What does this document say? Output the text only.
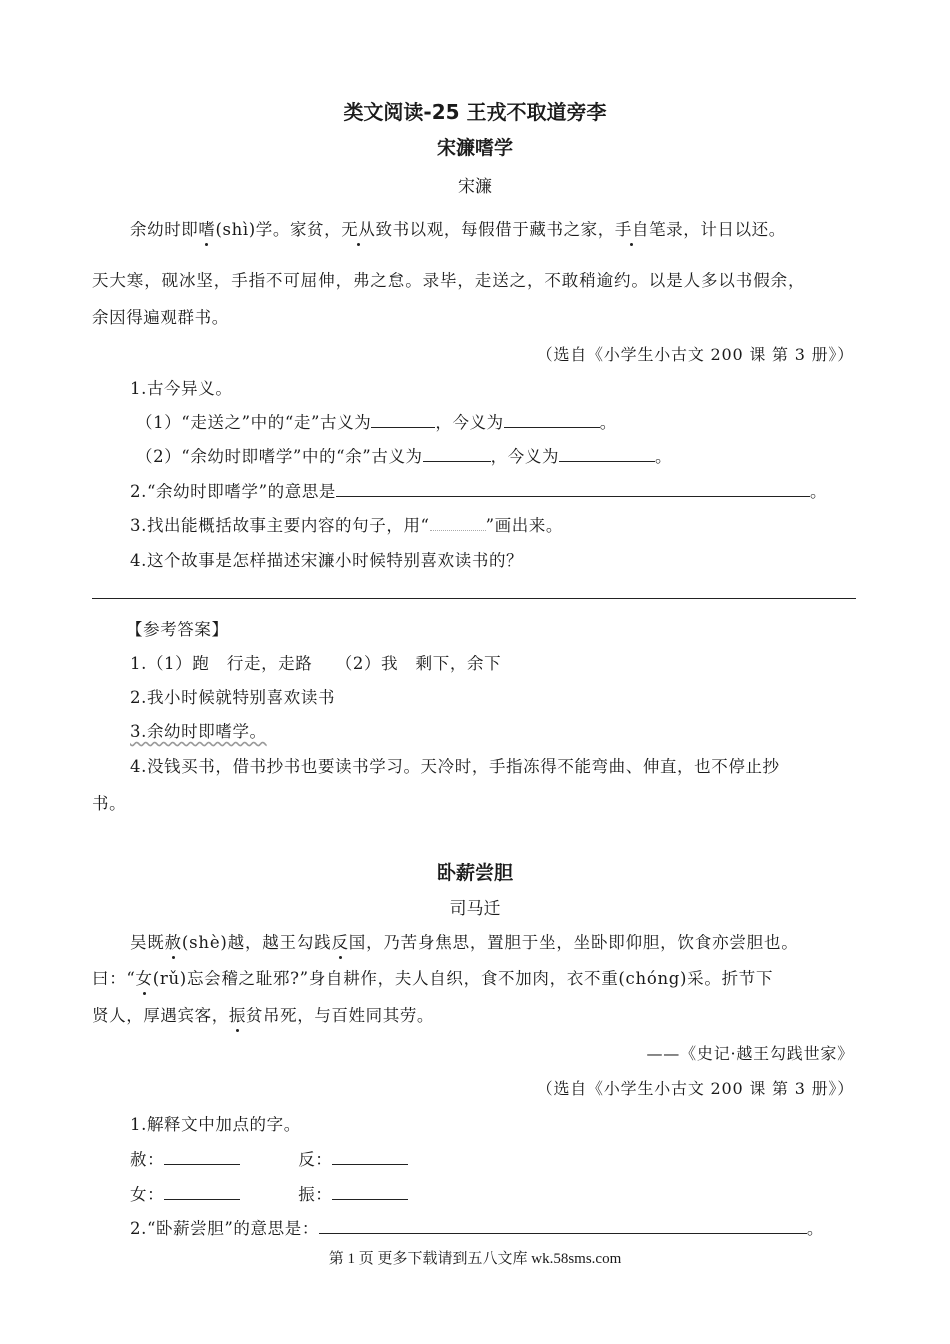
类文阅读-25 王戎不取道旁李
宋濂嗜学
宋濂
余幼时即嗜(shì)学。家贫，无从致书以观，每假借于藏书之家，手自笔录，计日以还。
天大寒，砚冰坚，手指不可屈伸，弗之怠。录毕，走送之，不敢稍逾约。以是人多以书假余，
余因得遍观群书。
（选自《小学生小古文 200 课 第 3 册》）
1.古今异义。
（1）“走送之”中的“走”古义为	，今义为	。
（2）“余幼时即嗜学”中的“余”古义为	，今义为	。
2.“余幼时即嗜学”的意思是	。
3.找出能概括故事主要内容的句子，用“	”画出来。
4.这个故事是怎样描述宋濂小时候特别喜欢读书的？
【参考答案】
1.（1）跑   行走，走路    （2）我   剩下，余下
2.我小时候就特别喜欢读书
3.余幼时即嗜学。
4.没钱买书，借书抄书也要读书学习。天冷时，手指冻得不能弯曲、伸直，也不停止抄
书。
卧薪尝胆
司马迁
吴既赦(shè)越，越王勾践反国，乃苦身焦思，置胆于坐，坐卧即仰胆，饮食亦尝胆也。
曰：“女(rǔ)忘会稽之耻邪?”身自耕作，夫人自织，食不加肉，衣不重(chóng)采。折节下
贤人，厚遇宾客，振贫吊死，与百姓同其劳。
——《史记·越王勾践世家》
（选自《小学生小古文 200 课 第 3 册》）
1.解释文中加点的字。
赦：	反：
女：	振：
2.“卧薪尝胆”的意思是：	。
第 1 页 更多下载请到五八文库 wk.58sms.com
